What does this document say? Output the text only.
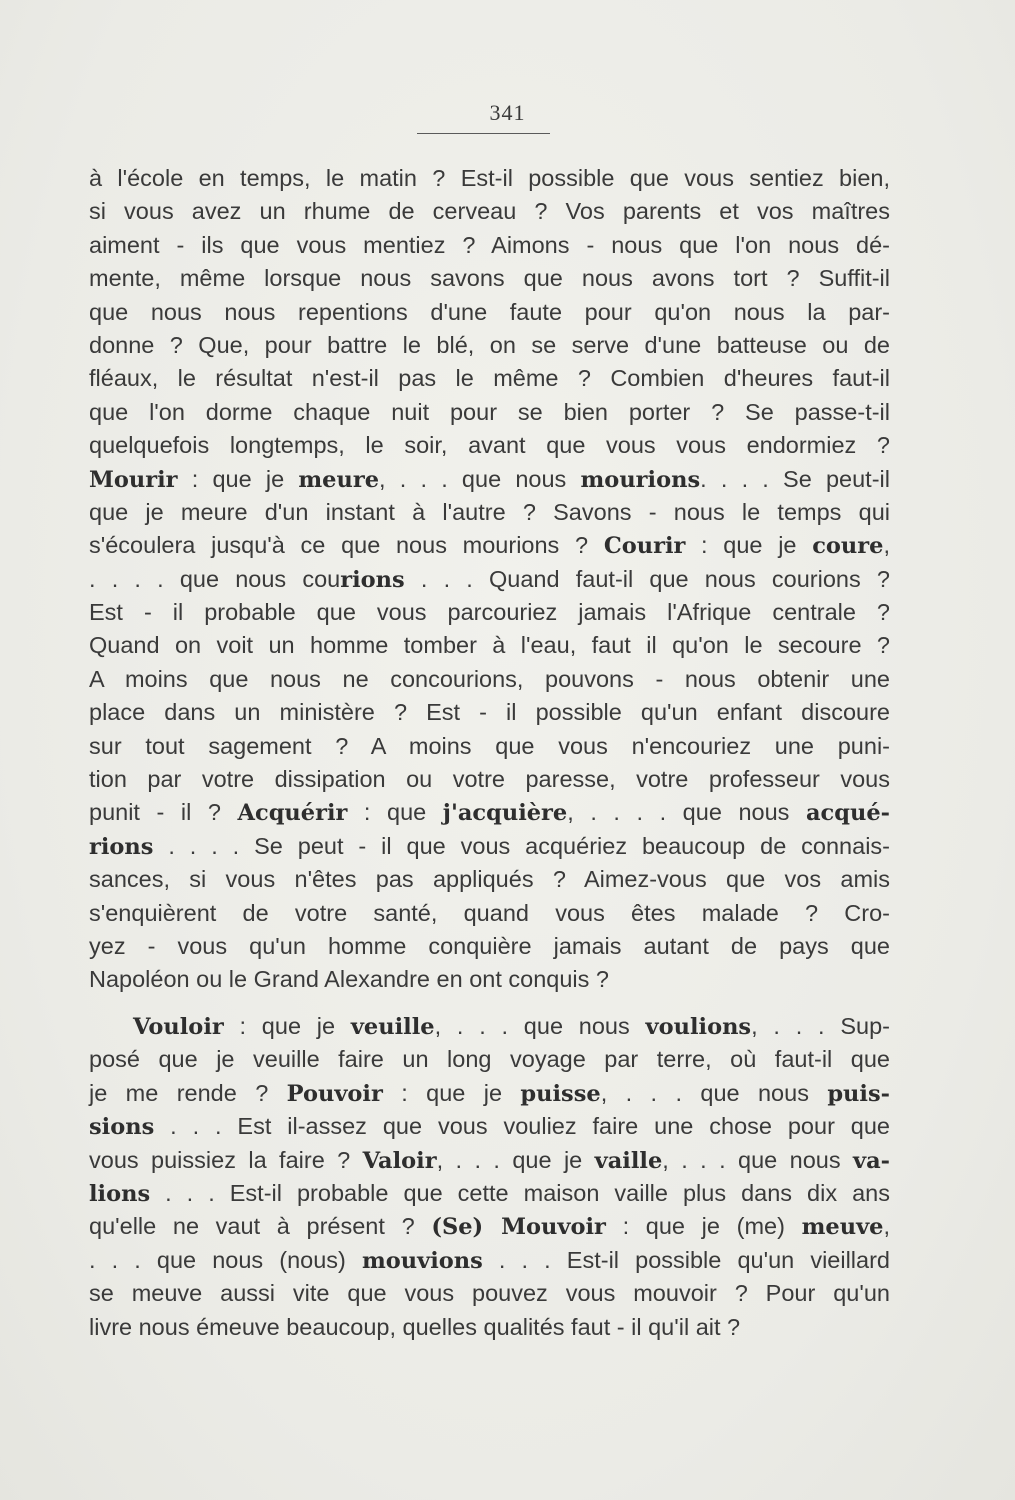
341
à l'école en temps, le matin ? Est-il possible que vous sentiez bien,
si vous avez un rhume de cerveau ? Vos parents et vos maîtres
aiment - ils que vous mentiez ? Aimons - nous que l'on nous dé-
mente, même lorsque nous savons que nous avons tort ? Suffit-il
que nous nous repentions d'une faute pour qu'on nous la par-
donne ? Que, pour battre le blé, on se serve d'une batteuse ou de
fléaux, le résultat n'est-il pas le même ? Combien d'heures faut-il
que l'on dorme chaque nuit pour se bien porter ? Se passe-t-il
quelquefois longtemps, le soir, avant que vous vous endormiez ?
Mourir : que je meure, . . . que nous mourions. . . . Se peut-il
que je meure d'un instant à l'autre ? Savons - nous le temps qui
s'écoulera jusqu'à ce que nous mourions ? Courir : que je coure,
. . . . que nous courions . . . Quand faut-il que nous courions ?
Est - il probable que vous parcouriez jamais l'Afrique centrale ?
Quand on voit un homme tomber à l'eau, faut il qu'on le secoure ?
A moins que nous ne concourions, pouvons - nous obtenir une
place dans un ministère ? Est - il possible qu'un enfant discoure
sur tout sagement ? A moins que vous n'encouriez une puni-
tion par votre dissipation ou votre paresse, votre professeur vous
punit - il ? Acquérir : que j'acquière, . . . . que nous acqué-
rions . . . . Se peut - il que vous acquériez beaucoup de connais-
sances, si vous n'êtes pas appliqués ? Aimez-vous que vos amis
s'enquièrent de votre santé, quand vous êtes malade ? Cro-
yez - vous qu'un homme conquière jamais autant de pays que
Napoléon ou le Grand Alexandre en ont conquis ?
Vouloir : que je veuille, . . . que nous voulions, . . . Sup-
posé que je veuille faire un long voyage par terre, où faut-il que
je me rende ? Pouvoir : que je puisse, . . . que nous puis-
sions . . . Est il-assez que vous vouliez faire une chose pour que
vous puissiez la faire ? Valoir, . . . que je vaille, . . . que nous va-
lions . . . Est-il probable que cette maison vaille plus dans dix ans
qu'elle ne vaut à présent ? (Se) Mouvoir : que je (me) meuve,
. . . que nous (nous) mouvions . . . Est-il possible qu'un vieillard
se meuve aussi vite que vous pouvez vous mouvoir ? Pour qu'un
livre nous émeuve beaucoup, quelles qualités faut - il qu'il ait ?
